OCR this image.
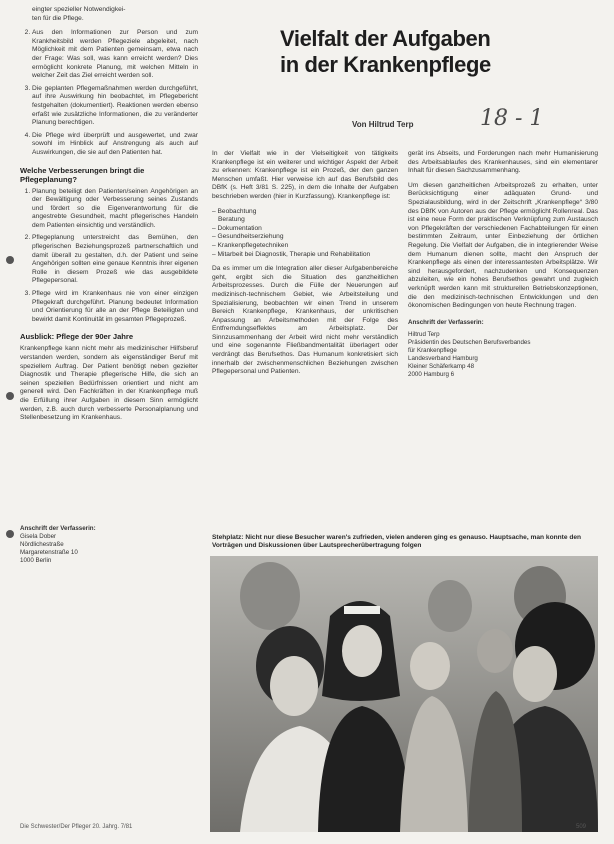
eingter spezieller Notwendigkei-
ten für die Pflege.

2. Aus den Informationen zur Person und zum Krankheitsbild werden Pflegeziele abgeleitet, nach Möglichkeit mit dem Patienten gemeinsam, etwa nach der Frage: Was soll, was kann erreicht werden? Dies ermöglicht konkrete Planung, mit welchen Mitteln in welcher Zeit das Ziel erreicht werden soll.
3. Die geplanten Pflegemaßnahmen werden durchgeführt, auf ihre Auswirkung hin beobachtet, im Pflegebericht festgehalten (dokumentiert). Reaktionen werden ebenso erfaßt wie zusätzliche Informationen, die zu veränderter Planung berechtigen.
4. Die Pflege wird überprüft und ausgewertet, und zwar sowohl im Hinblick auf Anstrengung als auch auf Auswirkungen, die sie auf den Patienten hat.
Welche Verbesserungen bringt die Pflegeplanung?
1. Planung beteiligt den Patienten/seinen Angehörigen an der Bewältigung oder Verbesserung seines Zustands und fördert so die Eigenverantwortung für die angestrebte Gesundheit, macht pflegerisches Handeln dem Patienten einsichtig und verständlich.
2. Pflegeplanung unterstreicht das Bemühen, den pflegerischen Beziehungsprozeß partnerschaftlich und damit überall zu gestalten, d.h. der Patient und seine Angehörigen sollten eine genaue Kenntnis ihrer eigenen Rolle in diesem Prozeß wie das ausgebildete Pflegepersonal.
3. Pflege wird im Krankenhaus nie von einer einzigen Pflegekraft durchgeführt. Planung bedeutet Information und Orientierung für alle an der Pflege Beteiligten und bewirkt damit Kontinuität im gesamten Pflegeprozeß.
Ausblick: Pflege der 90er Jahre

Krankenpflege kann nicht mehr als medizinischer Hilfsberuf verstanden werden, sondern als eigenständiger Beruf mit speziellem Auftrag. Der Patient benötigt neben gezielter Diagnostik und Therapie pflegerische Hilfe, die sich an seinen speziellen Bedürfnissen orientiert und nicht am generell wird. Den Fachkräften in der Krankenpflege muß die Erfüllung ihrer Aufgaben in diesem Sinn ermöglicht werden, z.B. auch durch verbesserte Personalplanung und Stellenbesetzung im Krankenhaus.

Anschrift der Verfasserin:
Gisela Dober
Nördlichestraße
Margaretenstraße 10
1000 Berlin
Vielfalt der Aufgaben
in der Krankenpflege
Von Hiltrud Terp	18 - 1

In der Vielfalt wie in der Vielseitigkeit von tätigkeits Krankenpflege ist ein weiterer und wichtiger Aspekt der Arbeit zu erkennen: Krankenpflege ist ein Prozeß, der den ganzen Menschen umfaßt. Hier verweise ich auf das Berufsbild des DBfK (s. Heft 3/81 S. 225), in dem die Inhalte der Aufgaben beschrieben werden (hier in Kurzfassung). Krankenpflege ist:

– Beobachtung
Beratung
– Dokumentation
– Gesundheitserziehung
– Krankenpflegetechniken
– Mitarbeit bei Diagnostik, Therapie und Rehabilitation

Da es immer um die Integration aller dieser Aufgabenbereiche geht, ergibt sich die Situation des ganzheitlichen Arbeitsprozesses. Durch die Fülle der Neuerungen auf medizinisch-technischem Gebiet, wie Arbeitsteilung und Spezialisierung, beobachten wir einen Trend in unserem Bereich Krankenpflege, Krankenhaus, der unkritischen Anpassung an Arbeitsmethoden mit der Folge des Entfremdungseffektes am Arbeitsplatz. Der Sinnzusammenhang der Arbeit wird nicht mehr verständlich und eine sogenannte Fließbandmentalität überlagert oder verdrängt das Berufsethos. Das Humanum konkretisiert sich innerhalb der zwischenmenschlichen Beziehungen zwischen Pflegepersonal und Patienten.

gerät ins Abseits, und Forderungen nach mehr Humanisierung des Arbeitsablaufes des Krankenhauses, sind ein elementarer Inhalt für diesen Sachzusammenhang.

Um diesen ganzheitlichen Arbeitsprozeß zu erhalten, unter Berücksichtigung einer adäquaten Grund- und Spezialausbildung, wird in der Zeitschrift „Krankenpflege“ 3/80 des DBfK von Autoren aus der Pflege ermöglicht Rollenreal. Das ist eine neue Form der praktischen Verknüpfung zum Austausch von Pflegekräften der verschiedenen Fachabteilungen für einen bestimmten Zeitraum, unter Einbeziehung der örtlichen Regelung. Die Vielfalt der Aufgaben, die in integrierender Weise dem Humanum dienen sollte, macht den Anspruch der Krankenpflege als einen der interessantesten Arbeitsplätze. Wir sind herausgefordert, nachzudenken und Konsequenzen abzuleiten, wie ein hohes Berufsethos gewahrt und zugleich verknüpft werden kann mit strukturellen Betriebskonzeptionen, die den medizinisch-technischen Entwicklungen und den ökonomischen Bedingungen von heute Rechnung tragen.

Anschrift der Verfasserin:
Hiltrud Terp
Präsidentin des Deutschen Berufsverbandes
für Krankenpflege
Landesverband Hamburg
Kleiner Schäferkamp 48
2000 Hamburg 6
Stehplatz: Nicht nur diese Besucher waren's zufrieden, vielen anderen ging es genauso. Hauptsache, man konnte den Vorträgen und Diskussionen über Lautsprecherübertragung folgen
Die Schwester/Der Pfleger 20. Jahrg. 7/81	509
